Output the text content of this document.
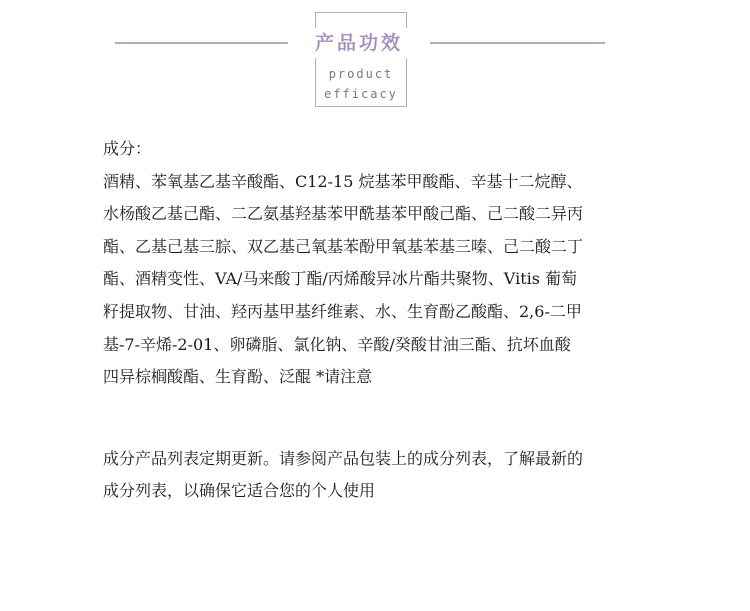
产品功效
product
efficacy

成分：

酒精、苯氧基乙基辛酸酯、C12-15 烷基苯甲酸酯、辛基十二烷醇、

水杨酸乙基己酯、二乙氨基羟基苯甲酰基苯甲酸己酯、己二酸二异丙

酯、乙基己基三腙、双乙基己氧基苯酚甲氧基苯基三嗪、己二酸二丁

酯、酒精变性、VA/马来酸丁酯/丙烯酸异冰片酯共聚物、Vitis 葡萄

籽提取物、甘油、羟丙基甲基纤维素、水、生育酚乙酸酯、2,6-二甲

基-7-辛烯-2-01、卵磷脂、氯化钠、辛酸/癸酸甘油三酯、抗坏血酸

四异棕榈酸酯、生育酚、泛醌 *请注意

成分产品列表定期更新。请参阅产品包装上的成分列表，了解最新的

成分列表，以确保它适合您的个人使用
